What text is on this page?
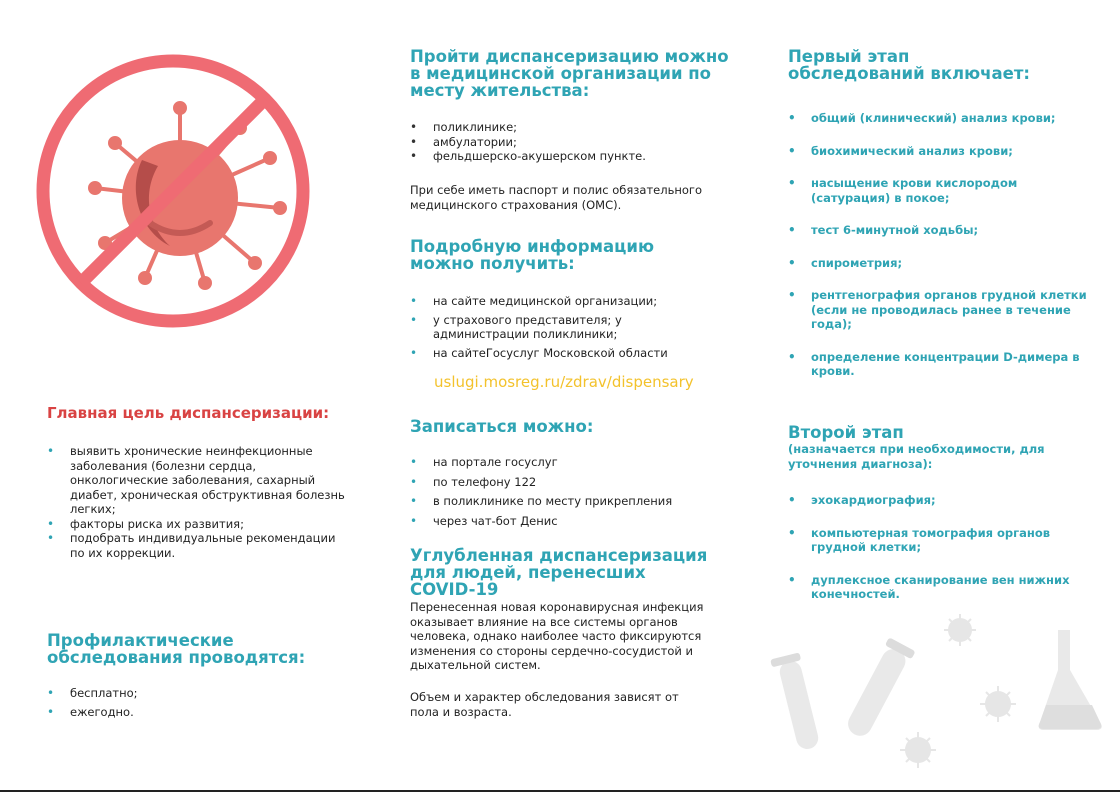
Главная цель диспансеризации:
• выявить хронические неинфекционные заболевания (болезни сердца, онкологические заболевания, сахарный диабет, хроническая обструктивная болезнь легких;
• факторы риска их развития;
• подобрать индивидуальные рекомендации по их коррекции.
Профилактические обследования проводятся:
• бесплатно;
• ежегодно.
Пройти диспансеризацию можно в медицинской организации по месту жительства:
• поликлинике;
• амбулатории;
• фельдшерско-акушерском пункте.

При себе иметь паспорт и полис обязательного медицинского страхования (ОМС).

Подробную информацию можно получить:
• на сайте медицинской организации;
• у страхового представителя; у администрации поликлиники;
• на сайтеГосуслуг Московской области
uslugi.mosreg.ru/zdrav/dispensary
Записаться можно:
• на портале госуслуг
• по телефону 122
• в поликлинике по месту прикрепления
• через чат-бот Денис
Углубленная диспансеризация для людей, перенесших COVID-19

Перенесенная новая коронавирусная инфекция оказывает влияние на все системы органов человека, однако наиболее часто фиксируются изменения со стороны сердечно-сосудистой и дыхательной систем.

Объем и характер обследования зависят от пола и возраста.

Первый этап обследований включает:
• общий (клинический) анализ крови;
• биохимический анализ крови;
• насыщение крови кислородом (сатурация) в покое;
• тест 6-минутной ходьбы;
• спирометрия;
• рентгенография органов грудной клетки (если не проводилась ранее в течение года);
• определение концентрации D-димера в крови.
Второй этап
(назначается при необходимости, для уточнения диагноза):
• эхокардиография;
• компьютерная томография органов грудной клетки;
• дуплексное сканирование вен нижних конечностей.
